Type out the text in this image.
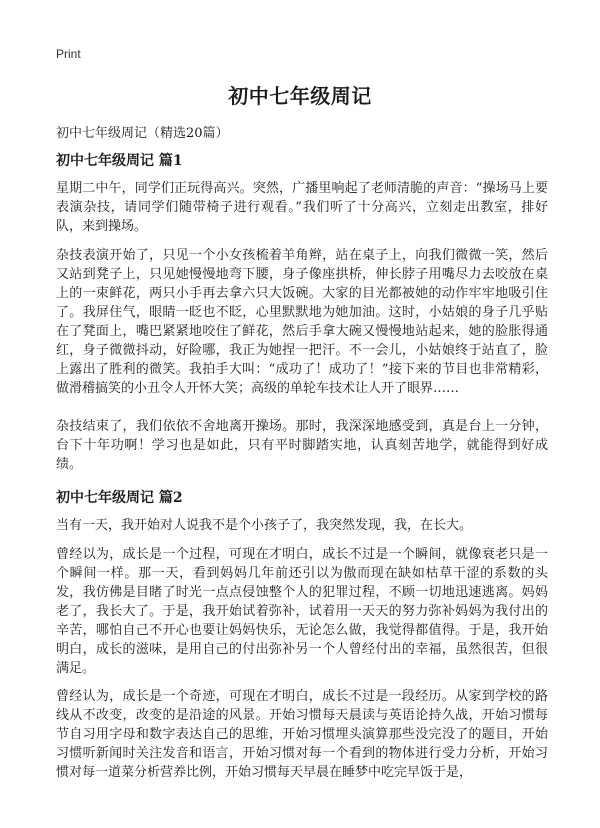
Print
初中七年级周记
初中七年级周记（精选20篇）
初中七年级周记 篇1

星期二中午，同学们正玩得高兴。突然，广播里响起了老师清脆的声音：“操场马上要表演杂技，请同学们随带椅子进行观看。”我们听了十分高兴，立刻走出教室，排好队，来到操场。

杂技表演开始了，只见一个小女孩梳着羊角辫，站在桌子上，向我们微微一笑，然后又站到凳子上，只见她慢慢地弯下腰，身子像座拱桥，伸长脖子用嘴尽力去咬放在桌上的一束鲜花，两只小手再去拿六只大饭碗。大家的目光都被她的动作牢牢地吸引住了。我屏住气，眼睛一眨也不眨，心里默默地为她加油。这时，小姑娘的身子几乎贴在了凳面上，嘴巴紧紧地咬住了鲜花，然后手拿大碗又慢慢地站起来，她的脸胀得通红，身子微微抖动，好险哪，我正为她捏一把汗。不一会儿，小姑娘终于站直了，脸上露出了胜利的微笑。我拍手大叫：“成功了！成功了！”接下来的节目也非常精彩，做滑稽搞笑的小丑令人开怀大笑；高级的单轮车技术让人开了眼界……

杂技结束了，我们依依不舍地离开操场。那时，我深深地感受到，真是台上一分钟，台下十年功啊！学习也是如此，只有平时脚踏实地，认真刻苦地学，就能得到好成绩。

初中七年级周记 篇2

当有一天，我开始对人说我不是个小孩子了，我突然发现，我，在长大。

曾经以为，成长是一个过程，可现在才明白，成长不过是一个瞬间，就像衰老只是一个瞬间一样。那一天，看到妈妈几年前还引以为傲而现在缺如枯草干涩的系数的头发，我仿佛是目睹了时光一点点侵蚀整个人的犯罪过程，不顾一切地迅速逃离。妈妈老了，我长大了。于是，我开始试着弥补，试着用一天天的努力弥补妈妈为我付出的辛苦，哪怕自己不开心也要让妈妈快乐，无论怎么做，我觉得都值得。于是，我开始明白，成长的滋味，是用自己的付出弥补另一个人曾经付出的幸福，虽然很苦，但很满足。

曾经认为，成长是一个奇迹，可现在才明白，成长不过是一段经历。从家到学校的路线从不改变，改变的是沿途的风景。开始习惯每天晨读与英语论持久战，开始习惯每节自习用字母和数字表达自己的思维，开始习惯埋头演算那些没完没了的题目，开始习惯听新闻时关注发音和语言，开始习惯对每一个看到的物体进行受力分析，开始习惯对每一道菜分析营养比例，开始习惯每天早晨在睡梦中吃完早饭于是，
